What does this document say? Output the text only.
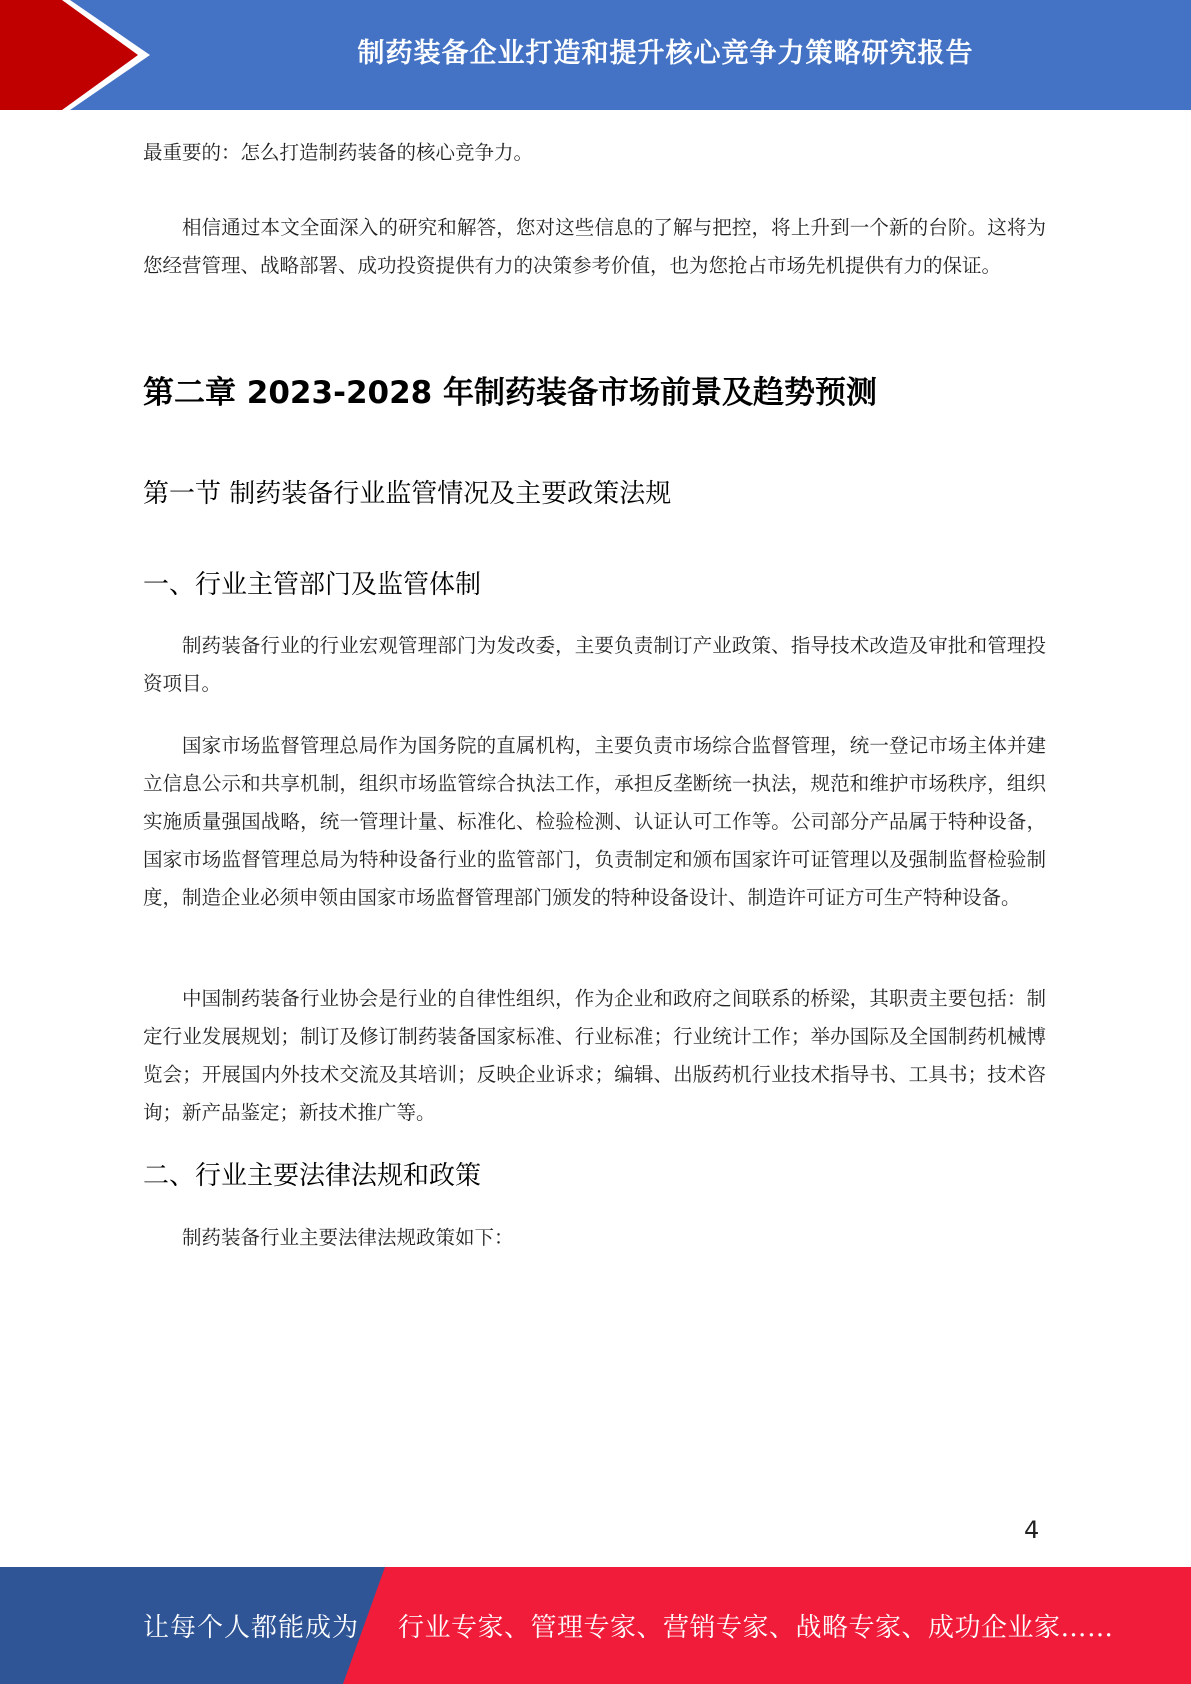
制药装备企业打造和提升核心竞争力策略研究报告

最重要的：怎么打造制药装备的核心竞争力。

相信通过本文全面深入的研究和解答，您对这些信息的了解与把控，将上升到一个新的台阶。这将为您经营管理、战略部署、成功投资提供有力的决策参考价值，也为您抢占市场先机提供有力的保证。

第二章 2023-2028 年制药装备市场前景及趋势预测
第一节 制药装备行业监管情况及主要政策法规
一、行业主管部门及监管体制

制药装备行业的行业宏观管理部门为发改委，主要负责制订产业政策、指导技术改造及审批和管理投资项目。

国家市场监督管理总局作为国务院的直属机构，主要负责市场综合监督管理，统一登记市场主体并建立信息公示和共享机制，组织市场监管综合执法工作，承担反垄断统一执法，规范和维护市场秩序，组织实施质量强国战略，统一管理计量、标准化、检验检测、认证认可工作等。公司部分产品属于特种设备，国家市场监督管理总局为特种设备行业的监管部门，负责制定和颁布国家许可证管理以及强制监督检验制度，制造企业必须申领由国家市场监督管理部门颁发的特种设备设计、制造许可证方可生产特种设备。

中国制药装备行业协会是行业的自律性组织，作为企业和政府之间联系的桥梁，其职责主要包括：制定行业发展规划；制订及修订制药装备国家标准、行业标准；行业统计工作；举办国际及全国制药机械博览会；开展国内外技术交流及其培训；反映企业诉求；编辑、出版药机行业技术指导书、工具书；技术咨询；新产品鉴定；新技术推广等。

二、行业主要法律法规和政策

制药装备行业主要法律法规政策如下：

4
让每个人都能成为 行业专家、管理专家、营销专家、战略专家、成功企业家……
